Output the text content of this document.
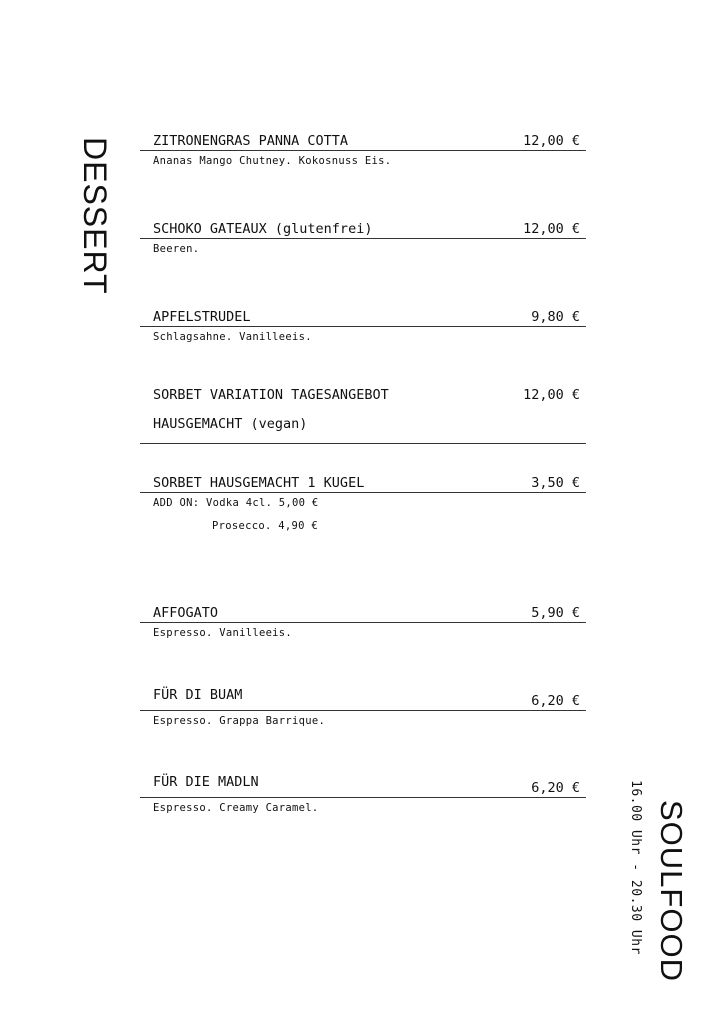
DESSERT
SOULFOOD
16.00 Uhr - 20.30 Uhr
ZITRONENGRAS PANNA COTTA	12,00 €
Ananas Mango Chutney. Kokosnuss Eis.
SCHOKO GATEAUX (glutenfrei)	12,00 €
Beeren.
APFELSTRUDEL	9,80 €
Schlagsahne. Vanilleeis.
SORBET VARIATION TAGESANGEBOT	12,00 €
HAUSGEMACHT (vegan)
SORBET HAUSGEMACHT 1 KUGEL	3,50 €
ADD ON: Vodka 4cl. 5,00 €
Prosecco. 4,90 €
AFFOGATO	5,90 €
Espresso. Vanilleeis.
FÜR DI BUAM	6,20 €
Espresso. Grappa Barrique.
FÜR DIE MADLN	6,20 €
Espresso. Creamy Caramel.
